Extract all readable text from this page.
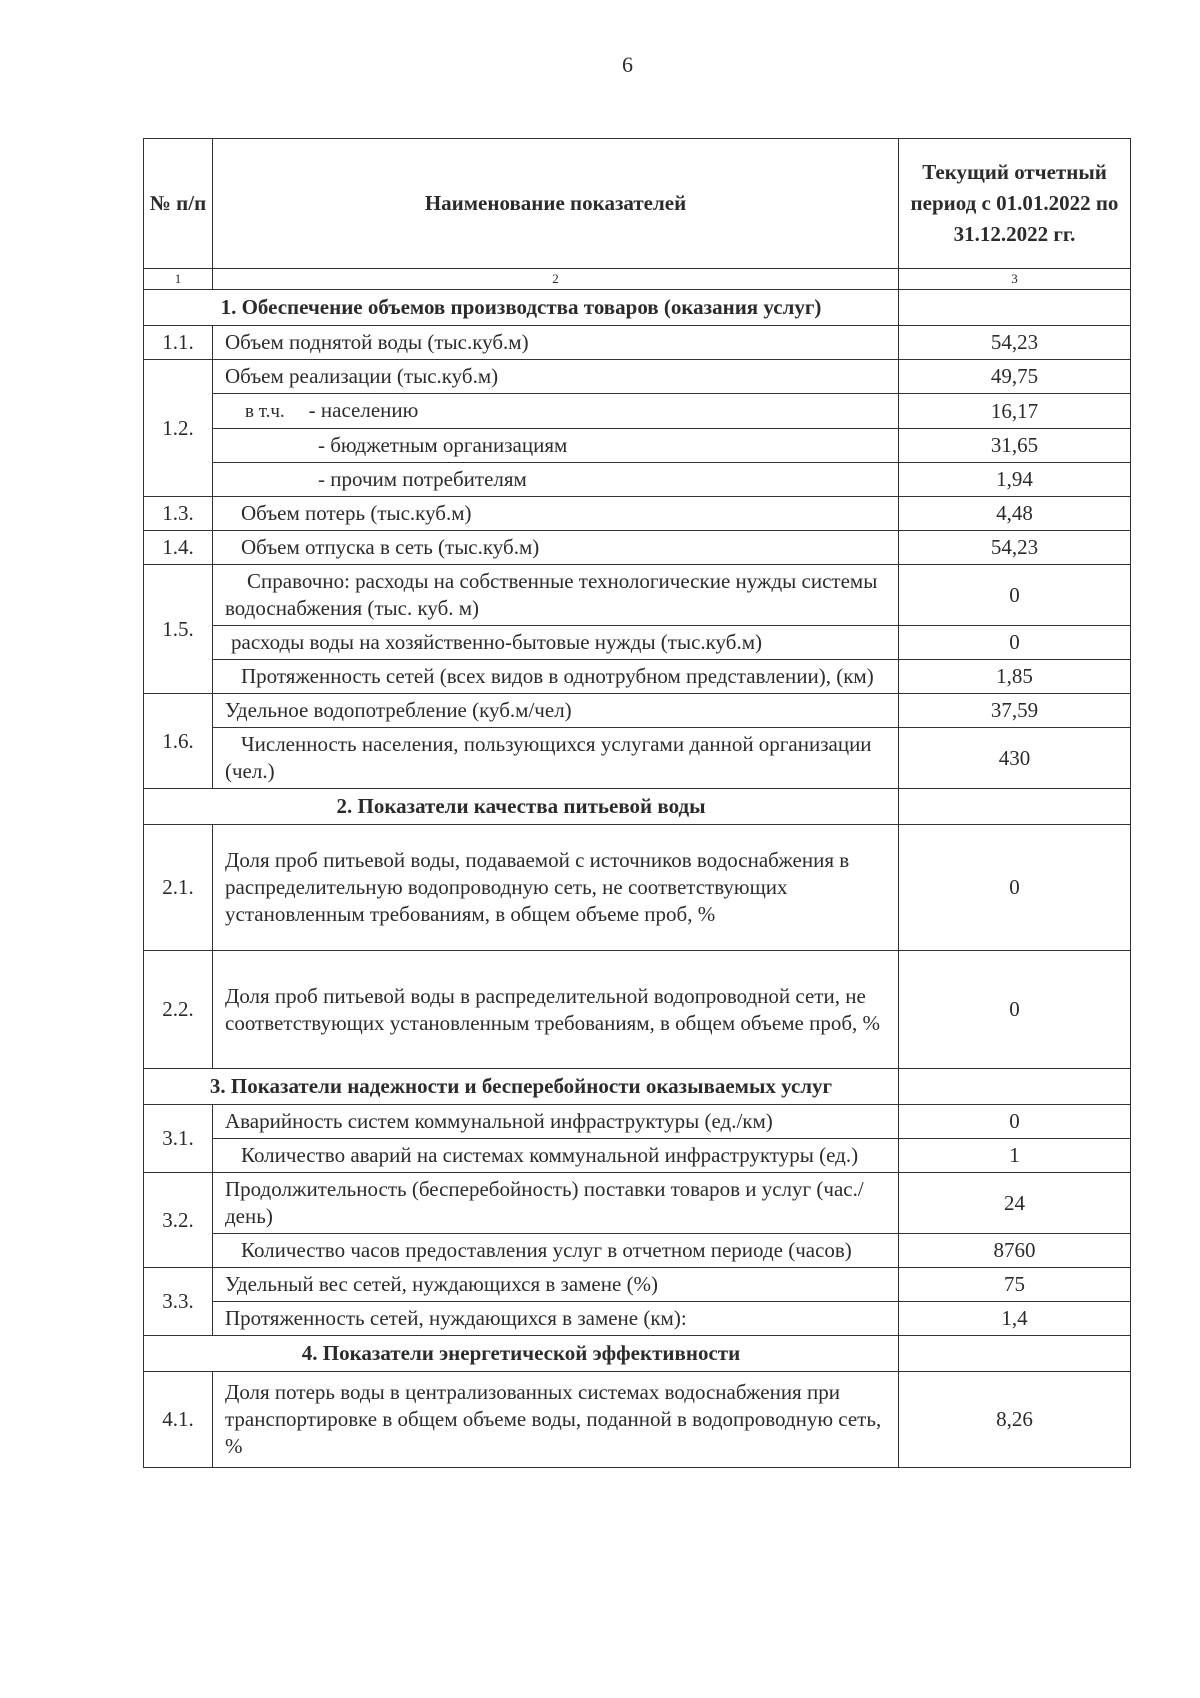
6
№ п/п	Наименование показателей	Текущий отчетный период с 01.01.2022 по 31.12.2022 гг.
1	2	3
1. Обеспечение объемов производства товаров (оказания услуг)		
1.1.	Объем поднятой воды (тыс.куб.м)	54,23
1.2.	Объем реализации (тыс.куб.м)	49,75
	в т.ч. - населению	16,17
	- бюджетным организациям	31,65
	- прочим потребителям	1,94
1.3.	Объем потерь (тыс.куб.м)	4,48
1.4.	Объем отпуска в сеть (тыс.куб.м)	54,23
1.5.	Справочно: расходы на собственные технологические нужды системы водоснабжения (тыс. куб. м)	0
	расходы воды на хозяйственно-бытовые нужды (тыс.куб.м)	0
	Протяженность сетей (всех видов в однотрубном представлении), (км)	1,85
1.6.	Удельное водопотребление (куб.м/чел)	37,59
	Численность населения, пользующихся услугами данной организации (чел.)	430
2. Показатели качества питьевой воды		
2.1.	Доля проб питьевой воды, подаваемой с источников водоснабжения в распределительную водопроводную сеть, не соответствующих установленным требованиям, в общем объеме проб, %	0
2.2.	Доля проб питьевой воды в распределительной водопроводной сети, не соответствующих установленным требованиям, в общем объеме проб, %	0
3. Показатели надежности и бесперебойности оказываемых услуг		
3.1.	Аварийность систем коммунальной инфраструктуры (ед./км)	0
	Количество аварий на системах коммунальной инфраструктуры (ед.)	1
3.2.	Продолжительность (бесперебойность) поставки товаров и услуг (час./день)	24
	Количество часов предоставления услуг в отчетном периоде (часов)	8760
3.3.	Удельный вес сетей, нуждающихся в замене (%)	75
	Протяженность сетей, нуждающихся в замене (км):	1,4
4. Показатели энергетической эффективности		
4.1.	Доля потерь воды в централизованных системах водоснабжения при транспортировке в общем объеме воды, поданной в водопроводную сеть, %	8,26
